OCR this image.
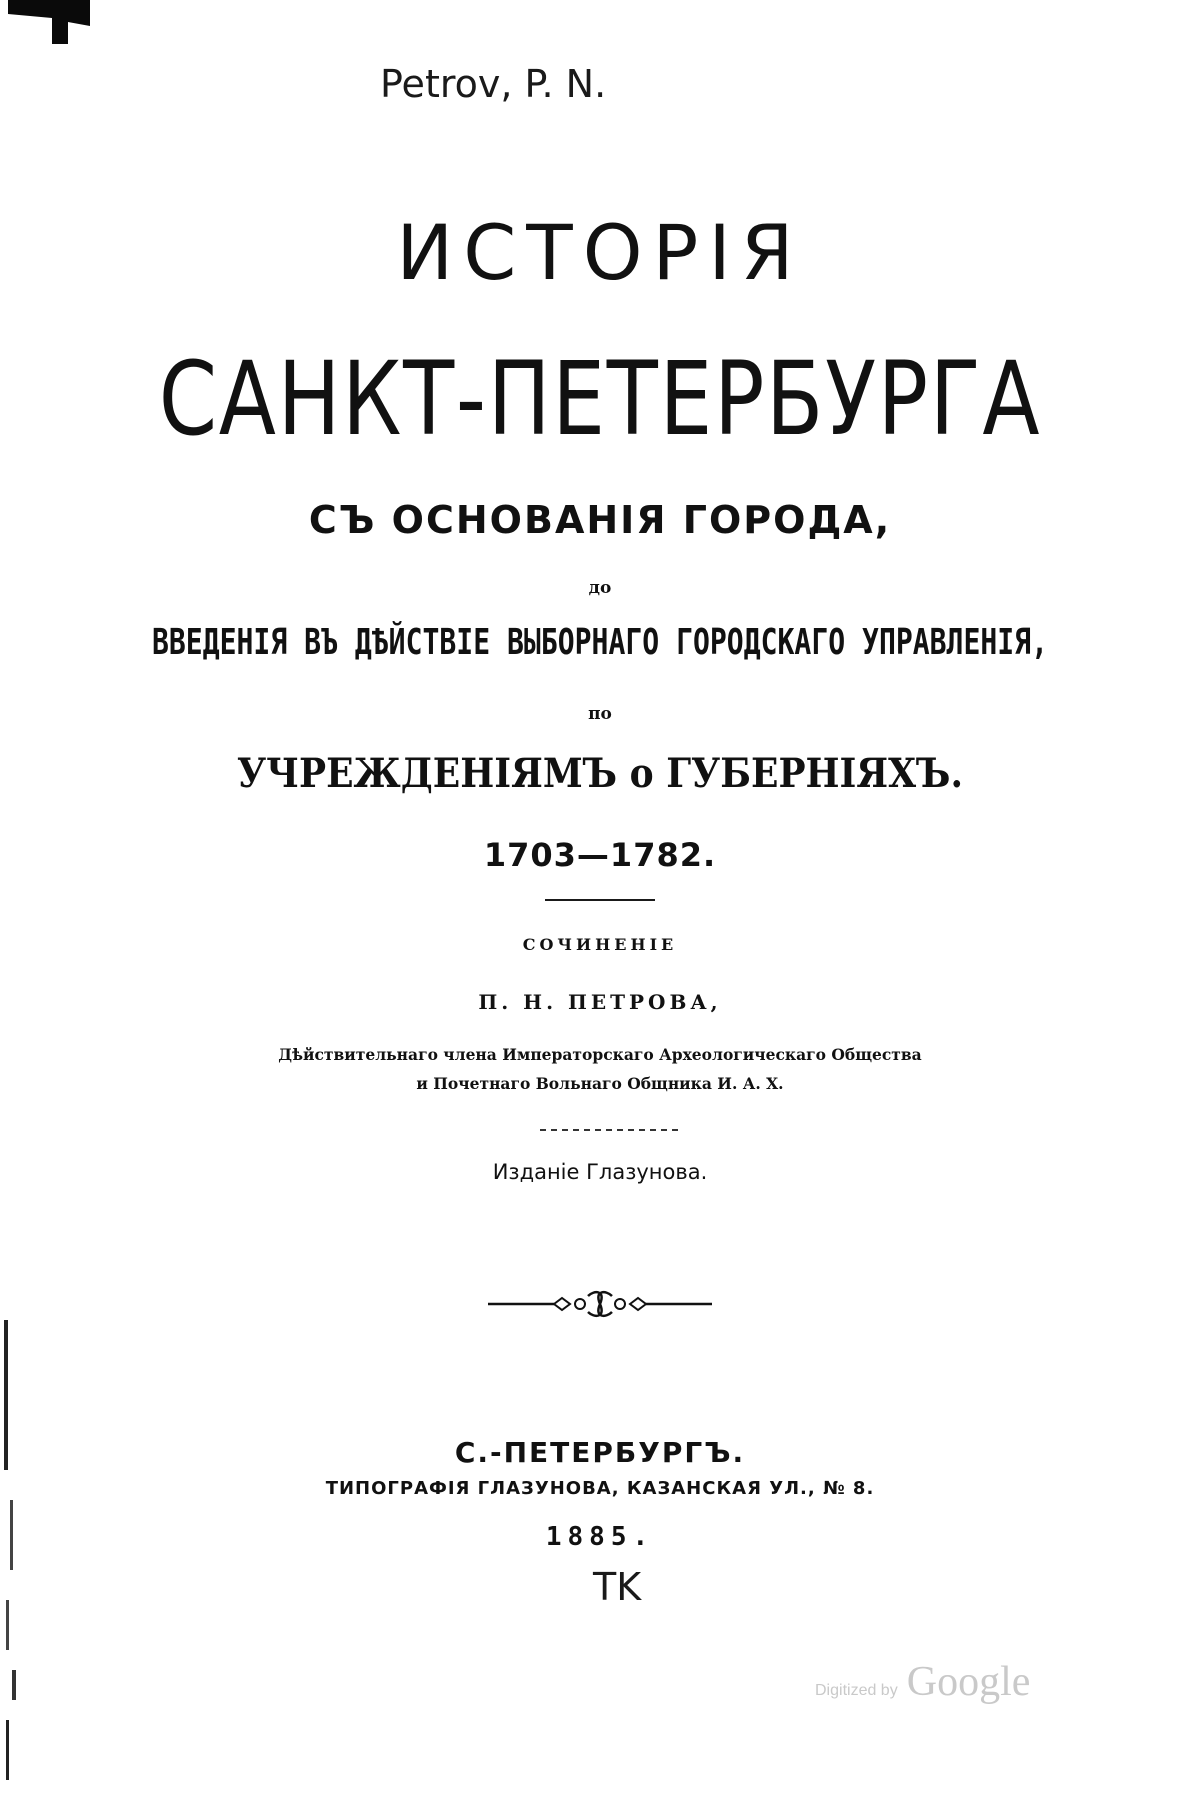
Petrov, P. N.
ИСТОРІЯ
САНКТ-ПЕТЕРБУРГА
СЪ ОСНОВАНІЯ ГОРОДА,
до
ВВЕДЕНІЯ ВЪ ДѢЙСТВІЕ ВЫБОРНАГО ГОРОДСКАГО УПРАВЛЕНІЯ,
по
УЧРЕЖДЕНІЯМЪ о ГУБЕРНІЯХЪ.
1703—1782.
СОЧИНЕНІЕ
П. Н. ПЕТРОВА,
Дѣйствительнаго члена Императорскаго Археологическаго Общества
и Почетнаго Вольнаго Общника И. А. Х.
Изданіе Глазунова.
С.-ПЕТЕРБУРГЪ.
ТИПОГРАФІЯ ГЛАЗУНОВА, КАЗАНСКАЯ УЛ., № 8.
1885.
TK
Digitized by Google
